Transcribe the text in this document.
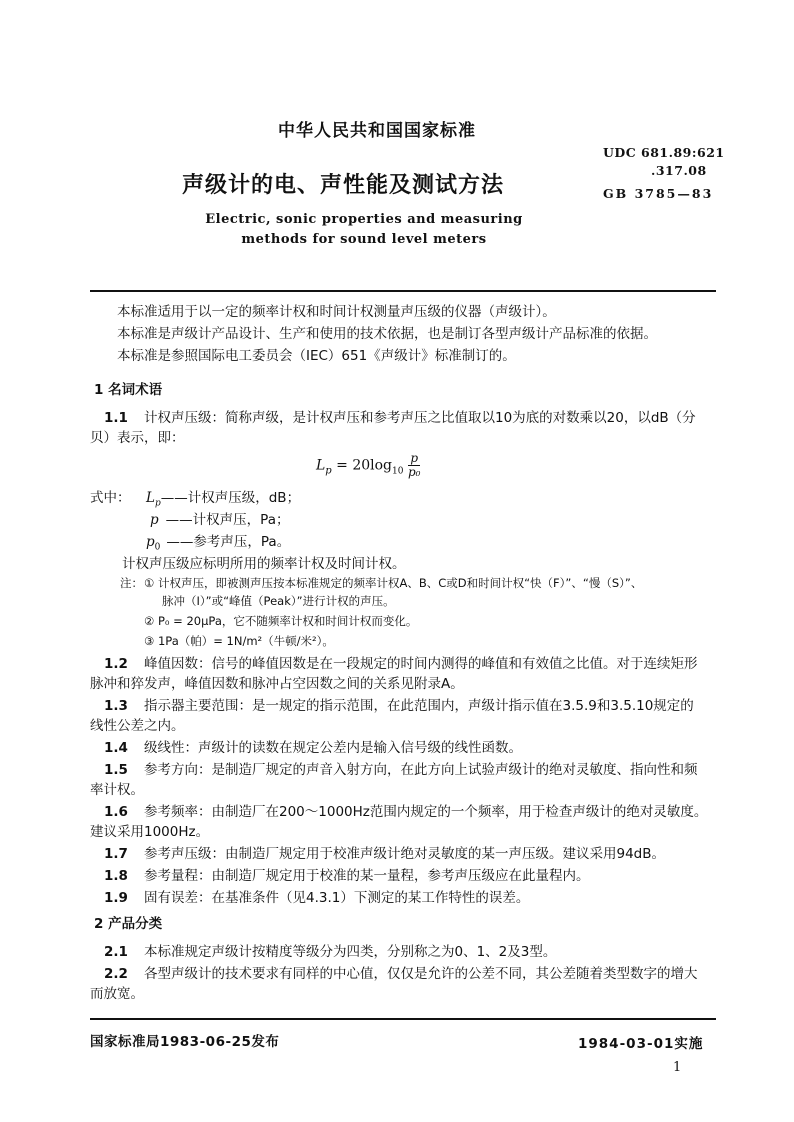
中华人民共和国国家标准
声级计的电、声性能及测试方法
Electric, sonic properties and measuring
methods for sound level meters
UDC 681.89:621
.317.08
GB 3785—83
本标准适用于以一定的频率计权和时间计权测量声压级的仪器（声级计）。
本标准是声级计产品设计、生产和使用的技术依据，也是制订各型声级计产品标准的依据。
本标准是参照国际电工委员会（IEC）651《声级计》标准制订的。
1 名词术语
1.1 计权声压级：简称声级，是计权声压和参考声压之比值取以10为底的对数乘以20，以dB（分
贝）表示，即：
$L_p = 20\log_{10} \frac{p}{\text{p₀}}$
式中： $L_p——$计权声压级，dB；
p ——计权声压，Pa；
$p_0$ ——参考声压，Pa。
计权声压级应标明所用的频率计权及时间计权。
注： ① 计权声压，即被测声压按本标准规定的频率计权A、B、C或D和时间计权“快（F）”、“慢（S）”、
脉冲（I）”或“峰值（Peak）”进行计权的声压。
② P₀ = 20μPa，它不随频率计权和时间计权而变化。
③ 1Pa（帕）= 1N/m²（牛顿/米²）。
1.2 峰值因数：信号的峰值因数是在一段规定的时间内测得的峰值和有效值之比值。对于连续矩形
脉冲和猝发声，峰值因数和脉冲占空因数之间的关系见附录A。
1.3 指示器主要范围：是一规定的指示范围，在此范围内，声级计指示值在3.5.9和3.5.10规定的
线性公差之内。
1.4 级线性：声级计的读数在规定公差内是输入信号级的线性函数。
1.5 参考方向：是制造厂规定的声音入射方向，在此方向上试验声级计的绝对灵敏度、指向性和频
率计权。
1.6 参考频率：由制造厂在200～1000Hz范围内规定的一个频率，用于检查声级计的绝对灵敏度。
建议采用1000Hz。
1.7 参考声压级：由制造厂规定用于校准声级计绝对灵敏度的某一声压级。建议采用94dB。
1.8 参考量程：由制造厂规定用于校准的某一量程，参考声压级应在此量程内。
1.9 固有误差：在基准条件（见4.3.1）下测定的某工作特性的误差。
2 产品分类
2.1 本标准规定声级计按精度等级分为四类，分别称之为0、1、2及3型。
2.2 各型声级计的技术要求有同样的中心值，仅仅是允许的公差不同，其公差随着类型数字的增大
而放宽。
国家标准局1983-06-25发布	1984-03-01实施
1
